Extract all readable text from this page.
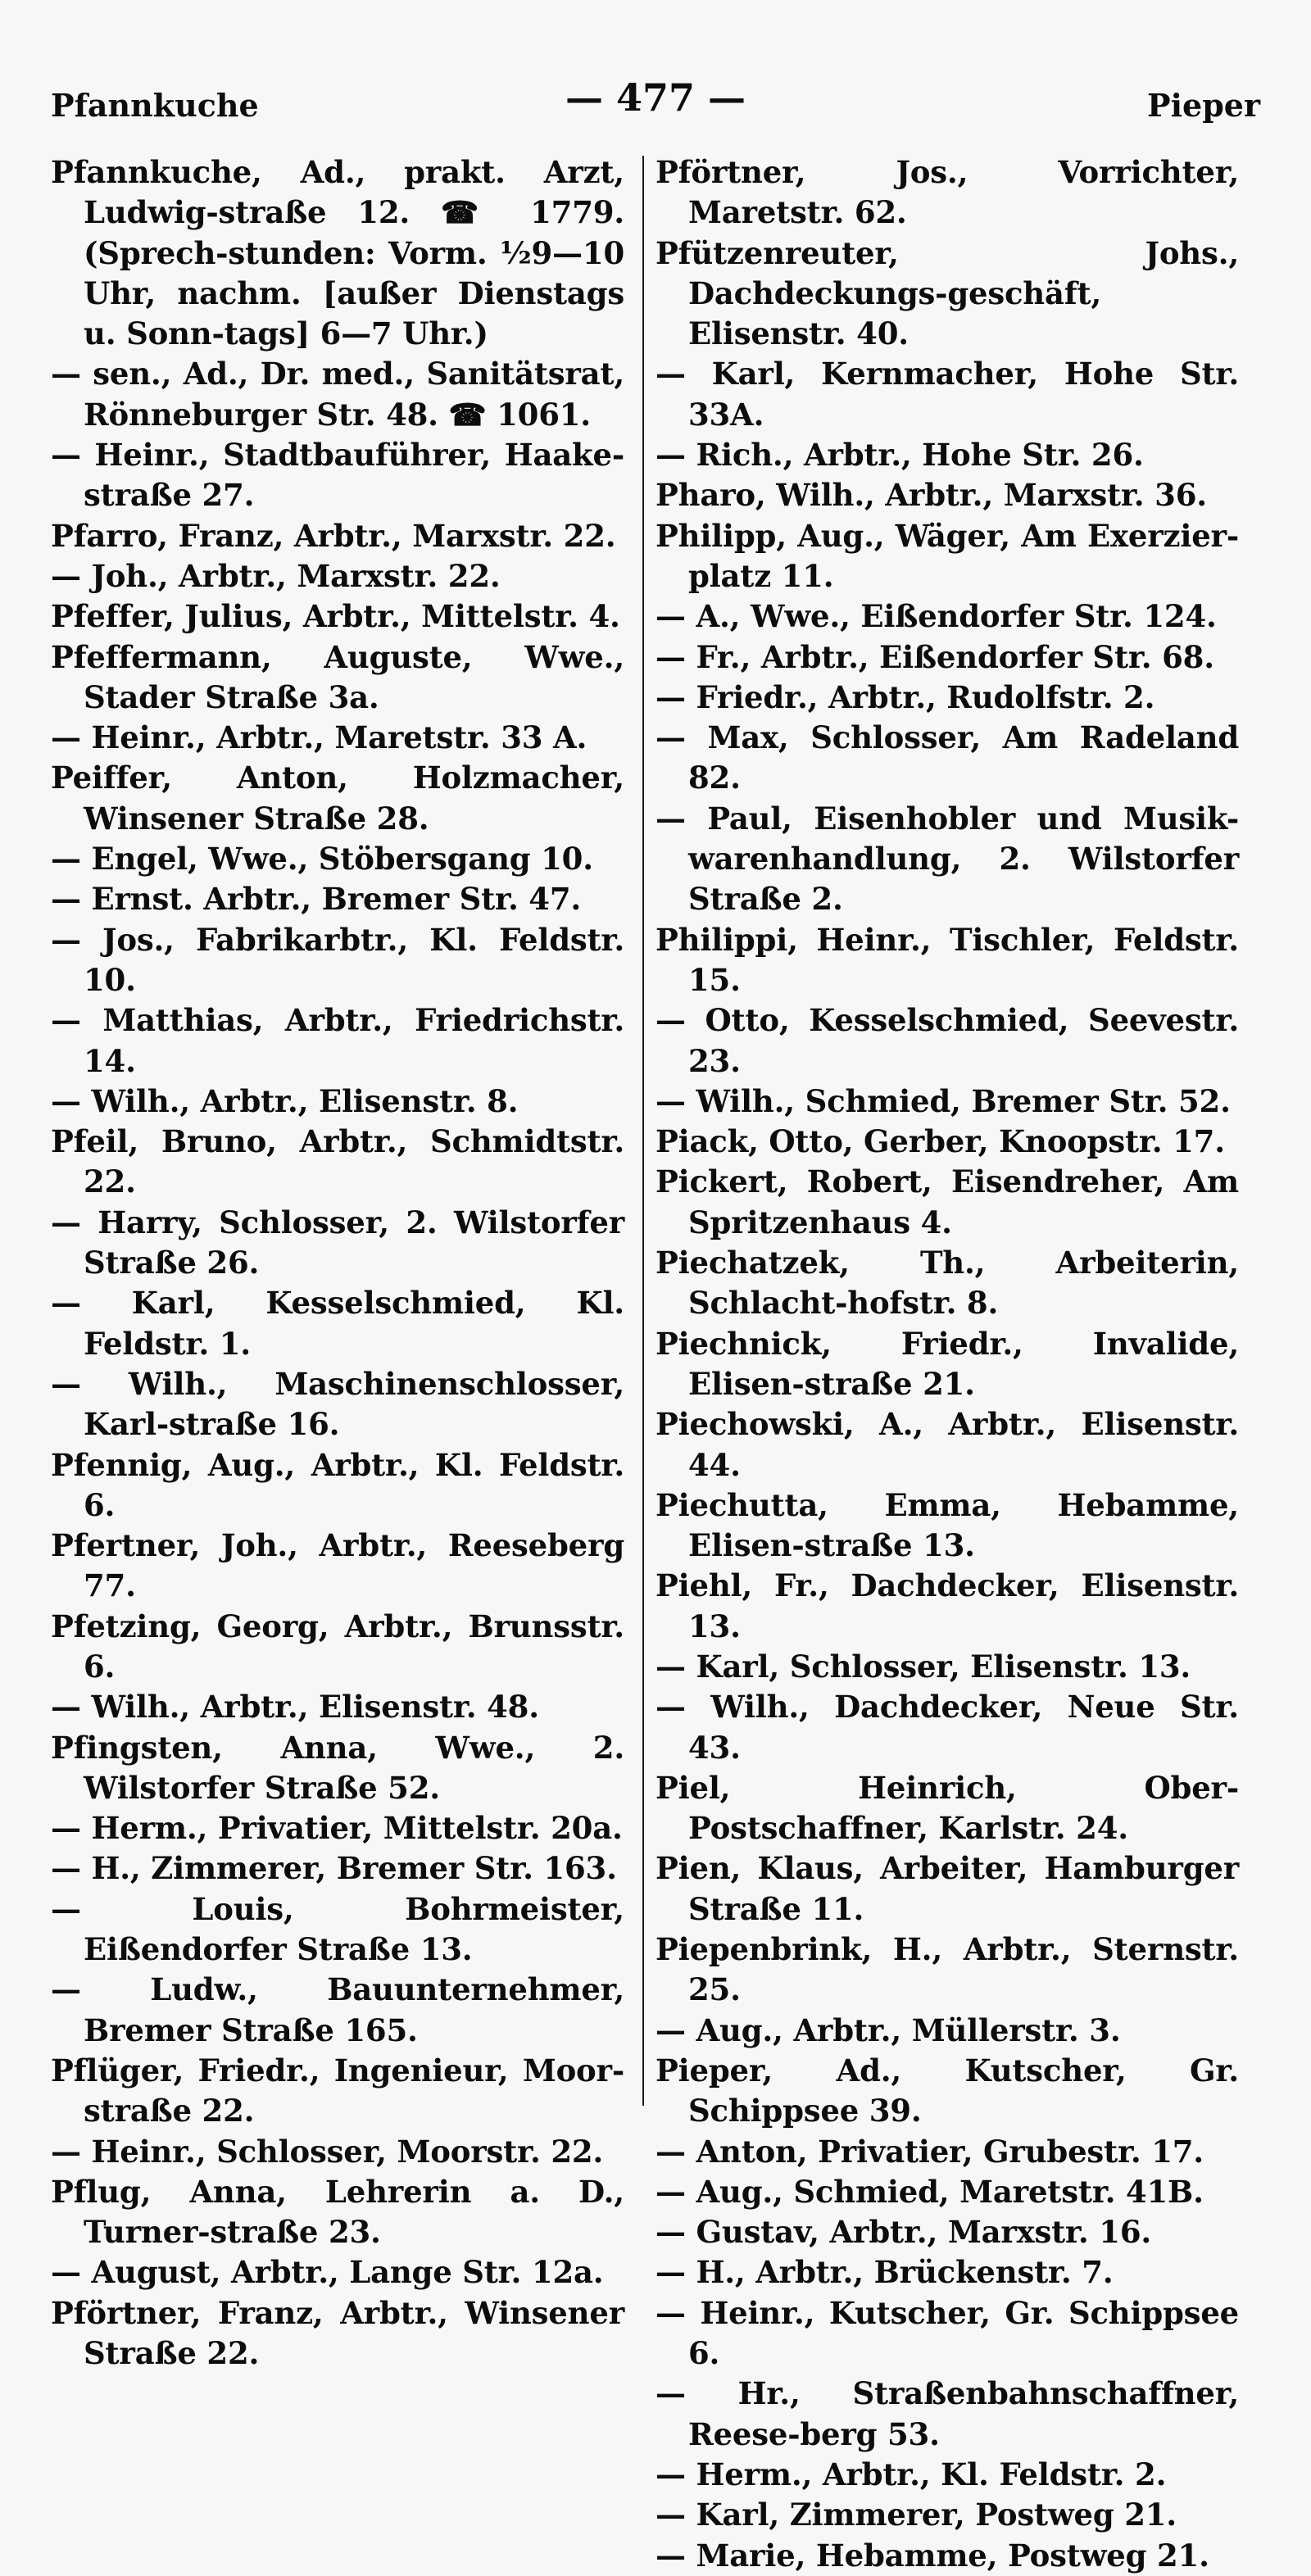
Pfannkuche	— 477 —	Pieper
Pfannkuche, Ad., prakt. Arzt, Ludwig-straße 12. ☎ 1779. (Sprech-stunden: Vorm. ½9—10 Uhr, nachm. [außer Dienstags u. Sonn-tags] 6—7 Uhr.)
— sen., Ad., Dr. med., Sanitätsrat, Rönneburger Str. 48. ☎ 1061.
— Heinr., Stadtbauführer, Haake-straße 27.
Pfarro, Franz, Arbtr., Marxstr. 22.
— Joh., Arbtr., Marxstr. 22.
Pfeffer, Julius, Arbtr., Mittelstr. 4.
Pfeffermann, Auguste, Wwe., Stader Straße 3a.
— Heinr., Arbtr., Maretstr. 33 A.
Peiffer, Anton, Holzmacher, Winsener Straße 28.
— Engel, Wwe., Stöbersgang 10.
— Ernst. Arbtr., Bremer Str. 47.
— Jos., Fabrikarbtr., Kl. Feldstr. 10.
— Matthias, Arbtr., Friedrichstr. 14.
— Wilh., Arbtr., Elisenstr. 8.
Pfeil, Bruno, Arbtr., Schmidtstr. 22.
— Harry, Schlosser, 2. Wilstorfer Straße 26.
— Karl, Kesselschmied, Kl. Feldstr. 1.
— Wilh., Maschinenschlosser, Karl-straße 16.
Pfennig, Aug., Arbtr., Kl. Feldstr. 6.
Pfertner, Joh., Arbtr., Reeseberg 77.
Pfetzing, Georg, Arbtr., Brunsstr. 6.
— Wilh., Arbtr., Elisenstr. 48.
Pfingsten, Anna, Wwe., 2. Wilstorfer Straße 52.
— Herm., Privatier, Mittelstr. 20a.
— H., Zimmerer, Bremer Str. 163.
— Louis, Bohrmeister, Eißendorfer Straße 13.
— Ludw., Bauunternehmer, Bremer Straße 165.
Pflüger, Friedr., Ingenieur, Moor-straße 22.
— Heinr., Schlosser, Moorstr. 22.
Pflug, Anna, Lehrerin a. D., Turner-straße 23.
— August, Arbtr., Lange Str. 12a.
Pförtner, Franz, Arbtr., Winsener Straße 22.
Pförtner, Jos., Vorrichter, Maretstr. 62.
Pfützenreuter, Johs., Dachdeckungs-geschäft, Elisenstr. 40.
— Karl, Kernmacher, Hohe Str. 33A.
— Rich., Arbtr., Hohe Str. 26.
Pharo, Wilh., Arbtr., Marxstr. 36.
Philipp, Aug., Wäger, Am Exerzier-platz 11.
— A., Wwe., Eißendorfer Str. 124.
— Fr., Arbtr., Eißendorfer Str. 68.
— Friedr., Arbtr., Rudolfstr. 2.
— Max, Schlosser, Am Radeland 82.
— Paul, Eisenhobler und Musik-warenhandlung, 2. Wilstorfer Straße 2.
Philippi, Heinr., Tischler, Feldstr. 15.
— Otto, Kesselschmied, Seevestr. 23.
— Wilh., Schmied, Bremer Str. 52.
Piack, Otto, Gerber, Knoopstr. 17.
Pickert, Robert, Eisendreher, Am Spritzenhaus 4.
Piechatzek, Th., Arbeiterin, Schlacht-hofstr. 8.
Piechnick, Friedr., Invalide, Elisen-straße 21.
Piechowski, A., Arbtr., Elisenstr. 44.
Piechutta, Emma, Hebamme, Elisen-straße 13.
Piehl, Fr., Dachdecker, Elisenstr. 13.
— Karl, Schlosser, Elisenstr. 13.
— Wilh., Dachdecker, Neue Str. 43.
Piel, Heinrich, Ober-Postschaffner, Karlstr. 24.
Pien, Klaus, Arbeiter, Hamburger Straße 11.
Piepenbrink, H., Arbtr., Sternstr. 25.
— Aug., Arbtr., Müllerstr. 3.
Pieper, Ad., Kutscher, Gr. Schippsee 39.
— Anton, Privatier, Grubestr. 17.
— Aug., Schmied, Maretstr. 41B.
— Gustav, Arbtr., Marxstr. 16.
— H., Arbtr., Brückenstr. 7.
— Heinr., Kutscher, Gr. Schippsee 6.
— Hr., Straßenbahnschaffner, Reese-berg 53.
— Herm., Arbtr., Kl. Feldstr. 2.
— Karl, Zimmerer, Postweg 21.
— Marie, Hebamme, Postweg 21.
